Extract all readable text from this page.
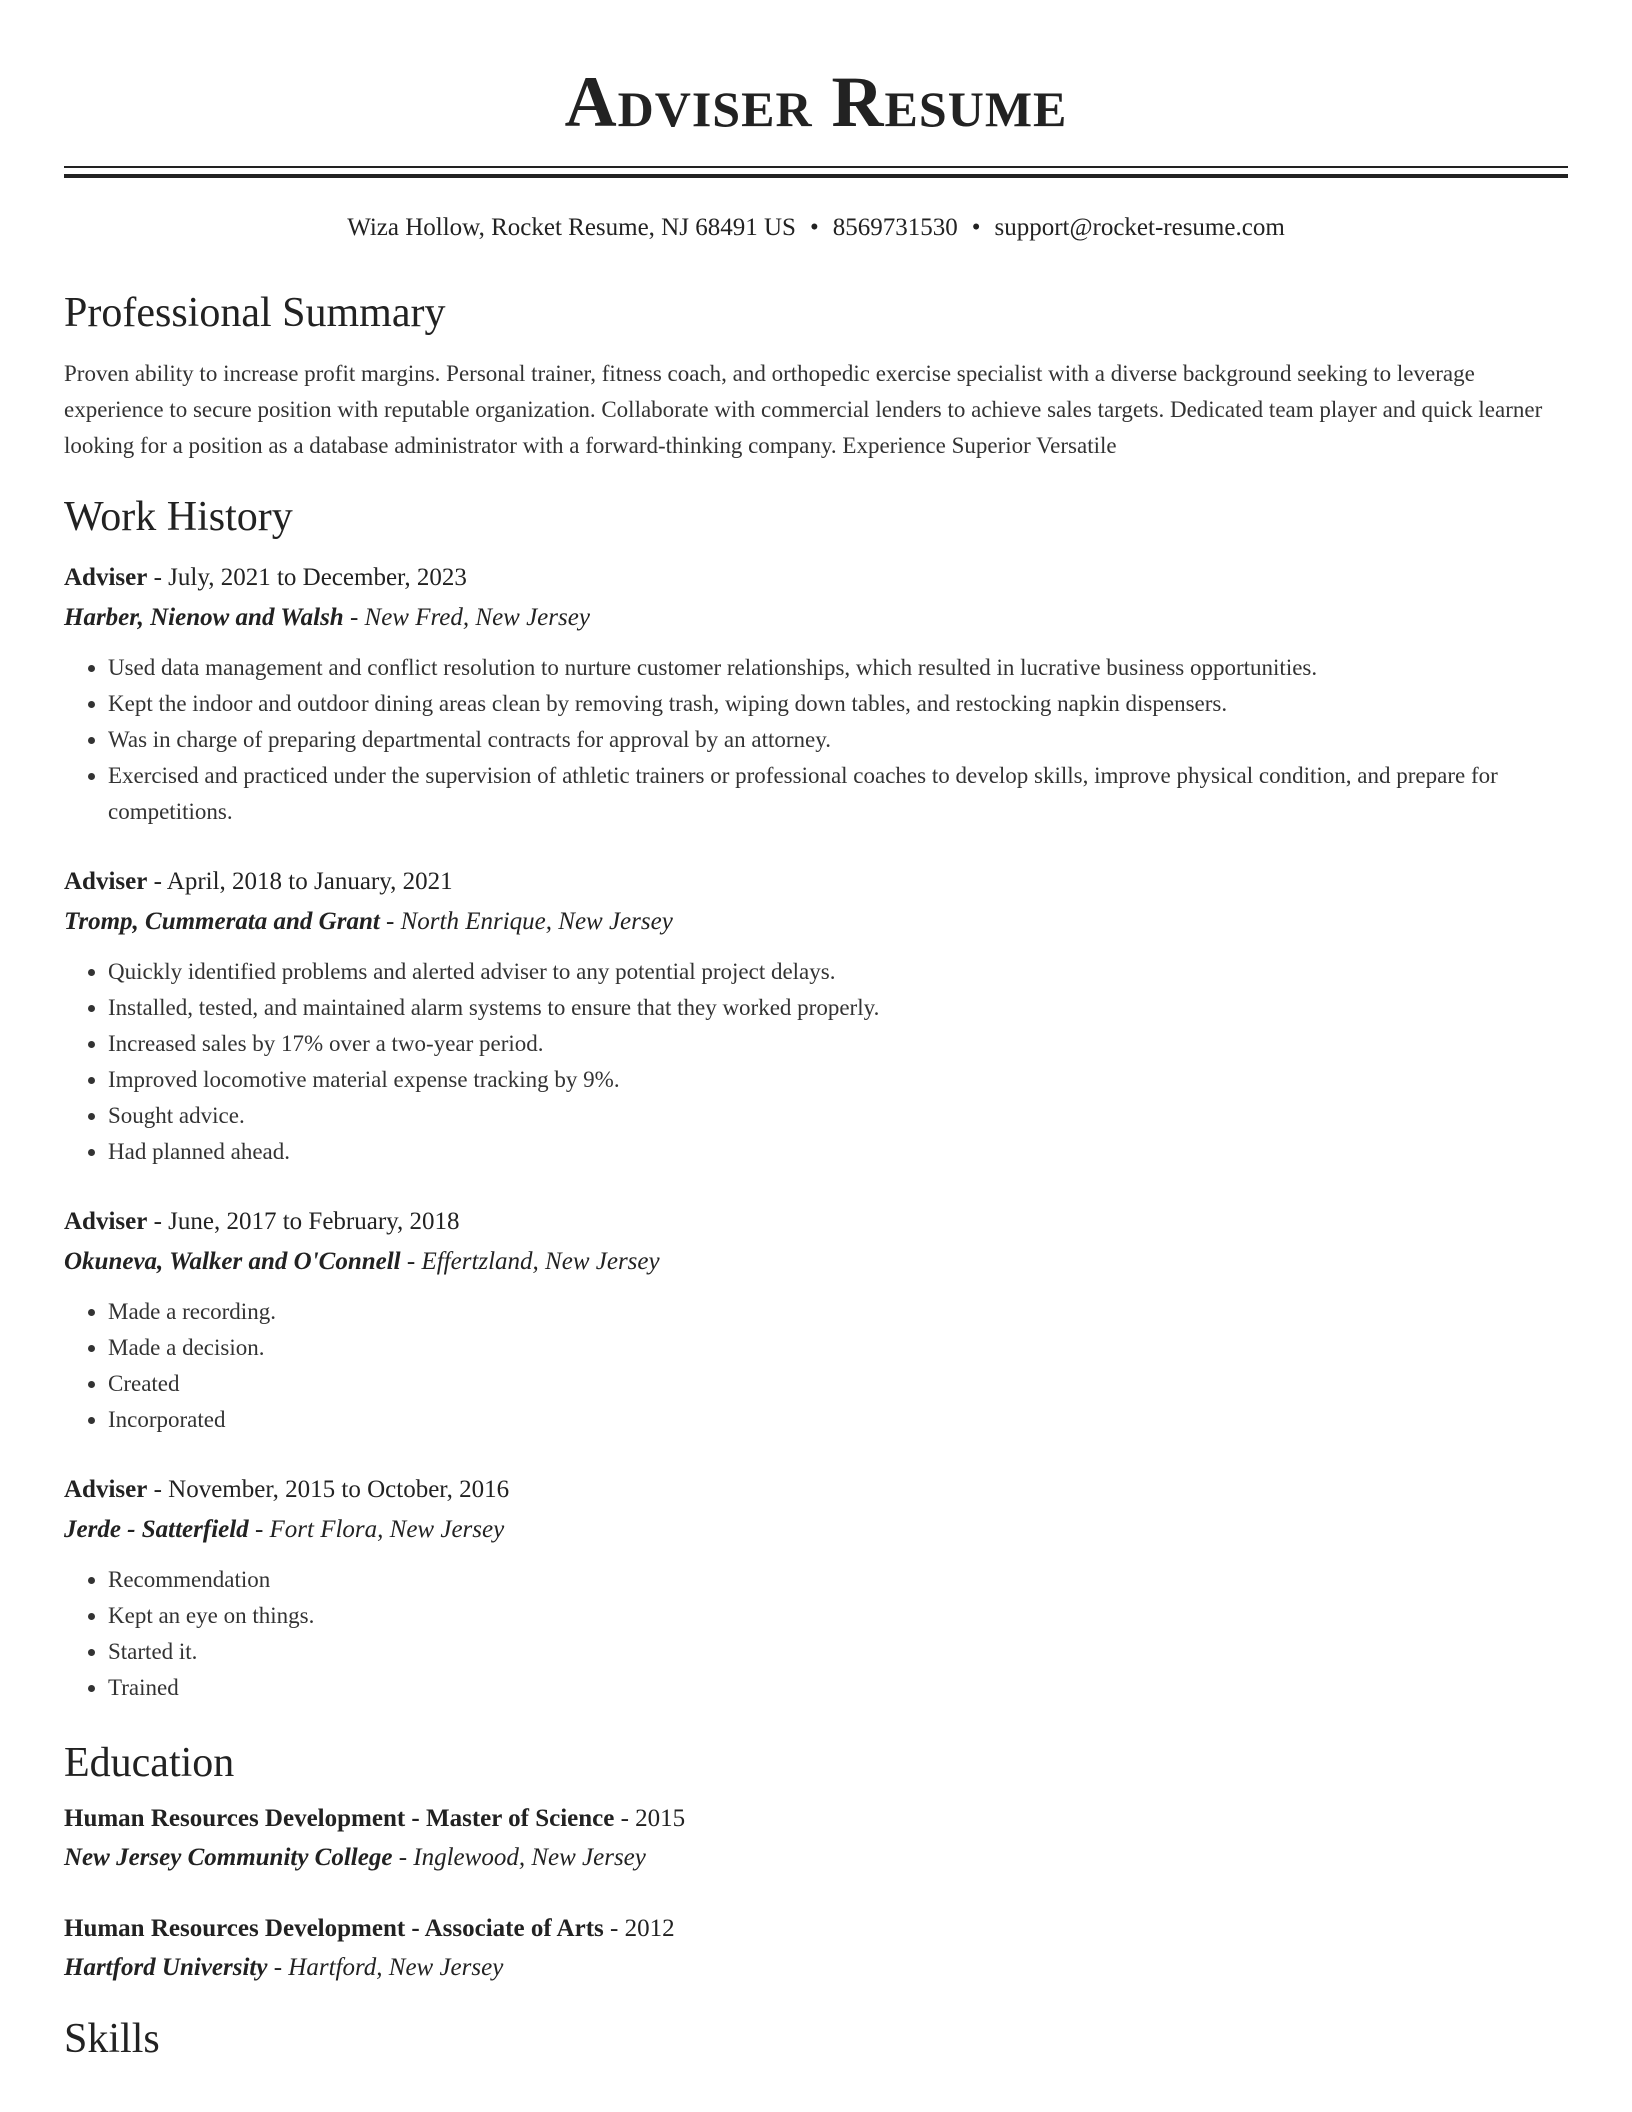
Adviser Resume
Wiza Hollow, Rocket Resume, NJ 68491 US • 8569731530 • support@rocket-resume.com
Professional Summary
Proven ability to increase profit margins. Personal trainer, fitness coach, and orthopedic exercise specialist with a diverse background seeking to leverage experience to secure position with reputable organization. Collaborate with commercial lenders to achieve sales targets. Dedicated team player and quick learner looking for a position as a database administrator with a forward-thinking company. Experience Superior Versatile
Work History
Adviser - July, 2021 to December, 2023
Harber, Nienow and Walsh - New Fred, New Jersey
• Used data management and conflict resolution to nurture customer relationships, which resulted in lucrative business opportunities.
• Kept the indoor and outdoor dining areas clean by removing trash, wiping down tables, and restocking napkin dispensers.
• Was in charge of preparing departmental contracts for approval by an attorney.
• Exercised and practiced under the supervision of athletic trainers or professional coaches to develop skills, improve physical condition, and prepare for competitions.
Adviser - April, 2018 to January, 2021
Tromp, Cummerata and Grant - North Enrique, New Jersey
• Quickly identified problems and alerted adviser to any potential project delays.
• Installed, tested, and maintained alarm systems to ensure that they worked properly.
• Increased sales by 17% over a two-year period.
• Improved locomotive material expense tracking by 9%.
• Sought advice.
• Had planned ahead.
Adviser - June, 2017 to February, 2018
Okuneva, Walker and O'Connell - Effertzland, New Jersey
• Made a recording.
• Made a decision.
• Created
• Incorporated
Adviser - November, 2015 to October, 2016
Jerde - Satterfield - Fort Flora, New Jersey
• Recommendation
• Kept an eye on things.
• Started it.
• Trained
Education
Human Resources Development - Master of Science - 2015
New Jersey Community College - Inglewood, New Jersey
Human Resources Development - Associate of Arts - 2012
Hartford University - Hartford, New Jersey
Skills
